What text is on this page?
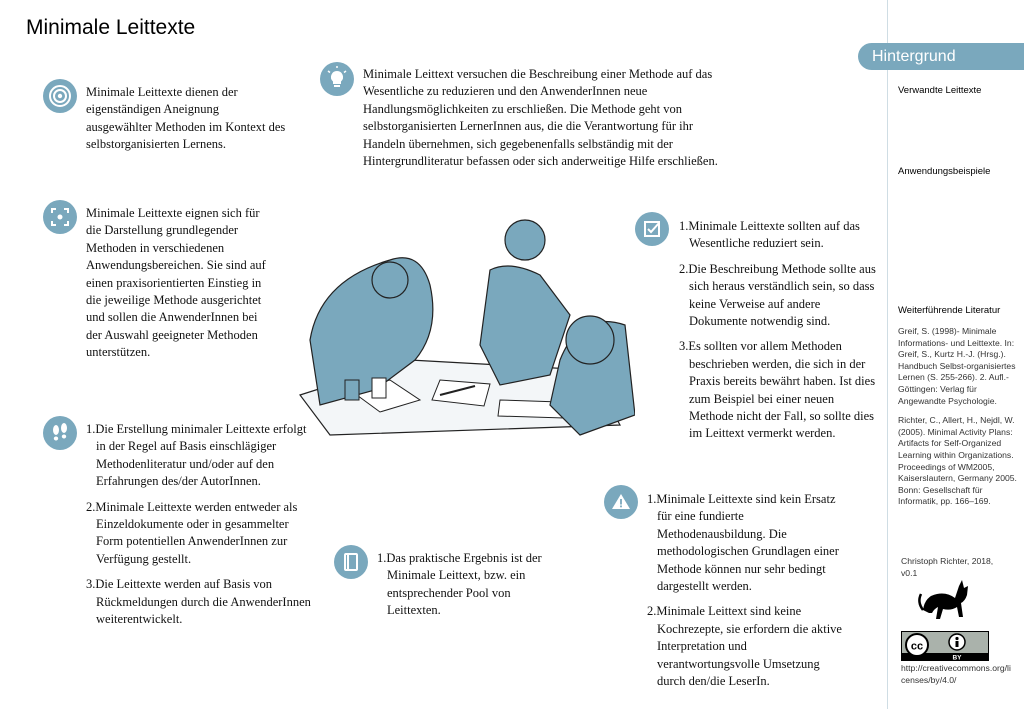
Minimale Leittexte

Minimale Leittexte dienen der eigenständigen Aneignung ausgewählter Methoden im Kontext des selbstorganisierten Lernens.

Minimale Leittext versuchen die Beschreibung einer Methode auf das Wesentliche zu reduzieren und den AnwenderInnen neue Handlungsmöglichkeiten zu erschließen. Die Methode geht von selbstorganisierten LernerInnen aus, die die Verantwortung für ihr Handeln übernehmen, sich gegebenenfalls selbständig mit der Hintergrundliteratur befassen oder sich anderweitige Hilfe erschließen.

Minimale Leittexte eignen sich für die Darstellung grundlegender Methoden in verschiedenen Anwendungsbereichen. Sie sind auf einen praxisorientierten Einstieg in die jeweilige Methode ausgerichtet und sollen die AnwenderInnen bei der Auswahl geeigneter Methoden unterstützen.

1.Die Erstellung minimaler Leittexte erfolgt in der Regel auf Basis einschlägiger Methodenliteratur und/oder auf den Erfahrungen des/der AutorInnen.
2.Minimale Leittexte werden entweder als Einzeldokumente oder in gesammelter Form potentiellen AnwenderInnen zur Verfügung gestellt.
3.Die Leittexte werden auf Basis von Rückmeldungen durch die AnwenderInnen weiterentwickelt.
1.Minimale Leittexte sollten auf das Wesentliche reduziert sein.
2.Die Beschreibung Methode sollte aus sich heraus verständlich sein, so dass keine Verweise auf andere Dokumente notwendig sind.
3.Es sollten vor allem Methoden beschrieben werden, die sich in der Praxis bereits bewährt haben. Ist dies zum Beispiel bei einer neuen Methode nicht der Fall, so sollte dies im Leittext vermerkt werden.
1.Das praktische Ergebnis ist der Minimale Leittext, bzw. ein entsprechender Pool von Leittexten.
1.Minimale Leittexte sind kein Ersatz für eine fundierte Methodenausbildung. Die methodologischen Grundlagen einer Methode können nur sehr bedingt dargestellt werden.
2.Minimale Leittext sind keine Kochrezepte, sie erfordern die aktive Interpretation und verantwortungsvolle Umsetzung durch den/die LeserIn.
Hintergrund
Verwandte Leittexte
Anwendungsbeispiele
Weiterführende Literatur

Greif, S. (1998)- Minimale Informations- und Leittexte. In: Greif, S., Kurtz H.-J. (Hrsg.). Handbuch Selbst-organisiertes Lernen (S. 255-266). 2. Aufl.- Göttingen: Verlag für Angewandte Psychologie.

Richter, C., Allert, H., Nejdl, W. (2005). Minimal Activity Plans: Artifacts for Self-Organized Learning within Organizations. Proceedings of WM2005, Kaiserslautern, Germany 2005. Bonn: Gesellschaft für Informatik, pp. 166–169.

Christoph Richter, 2018, v0.1
cc
BY
http://creativecommons.org/licenses/by/4.0/
